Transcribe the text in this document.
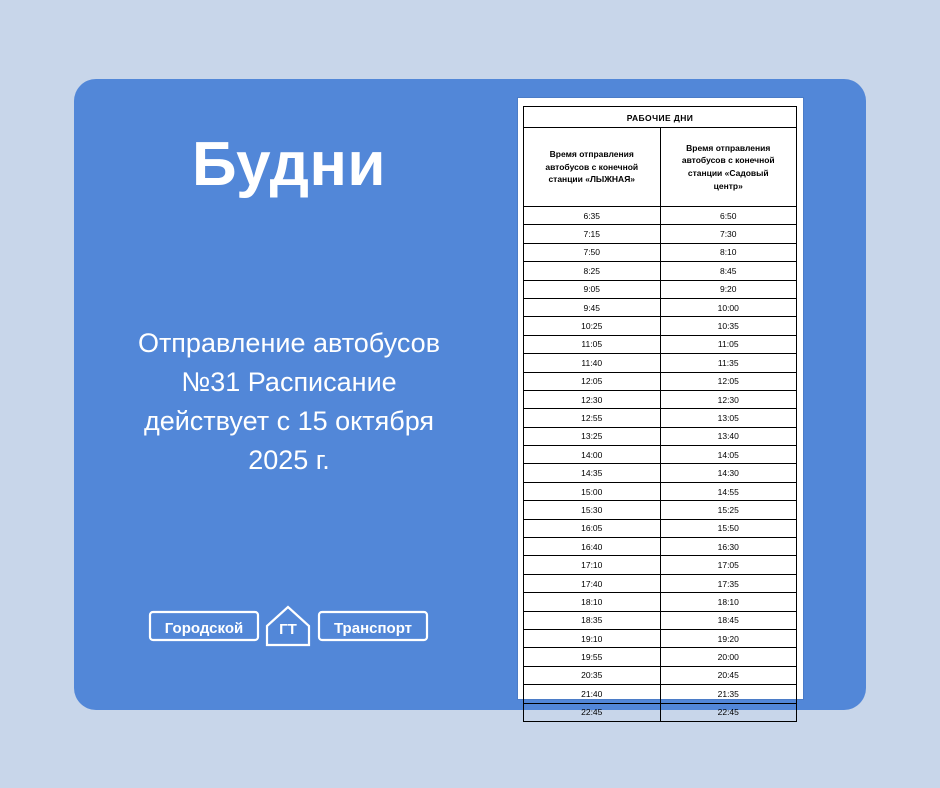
Будни
Отправление автобусов №31 Расписание действует с 15 октября 2025 г.
Городской	Транспорт
ГТ
РАБОЧИЕ ДНИ	
Время отправления автобусов с конечной станции «ЛЫЖНАЯ»	Время отправления автобусов с конечной станции «Садовый центр»
6:35	6:50
7:15	7:30
7:50	8:10
8:25	8:45
9:05	9:20
9:45	10:00
10:25	10:35
11:05	11:05
11:40	11:35
12:05	12:05
12:30	12:30
12:55	13:05
13:25	13:40
14:00	14:05
14:35	14:30
15:00	14:55
15:30	15:25
16:05	15:50
16:40	16:30
17:10	17:05
17:40	17:35
18:10	18:10
18:35	18:45
19:10	19:20
19:55	20:00
20:35	20:45
21:40	21:35
22:45	22:45
